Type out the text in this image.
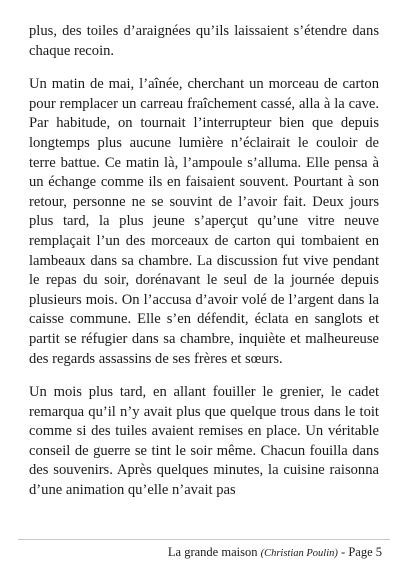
plus, des toiles d’araignées qu’ils laissaient s’étendre dans chaque recoin.

Un matin de mai, l’aînée, cherchant un morceau de carton pour remplacer un carreau fraîchement cassé, alla à la cave. Par habitude, on tournait l’interrupteur bien que depuis longtemps plus aucune lumière n’éclairait le couloir de terre battue. Ce matin là, l’ampoule s’alluma. Elle pensa à un échange comme ils en faisaient souvent. Pourtant à son retour, personne ne se souvint de l’avoir fait. Deux jours plus tard, la plus jeune s’aperçut qu’une vitre neuve remplaçait l’un des morceaux de carton qui tombaient en lambeaux dans sa chambre. La discussion fut vive pendant le repas du soir, dorénavant le seul de la journée depuis plusieurs mois. On l’accusa d’avoir volé de l’argent dans la caisse commune. Elle s’en défendit, éclata en sanglots et partit se réfugier dans sa chambre, inquiète et malheureuse des regards assassins de ses frères et sœurs.

Un mois plus tard, en allant fouiller le grenier, le cadet remarqua qu’il n’y avait plus que quelque trous dans le toit comme si des tuiles avaient remises en place. Un véritable conseil de guerre se tint le soir même. Chacun fouilla dans des souvenirs. Après quelques minutes, la cuisine raisonna d’une animation qu’elle n’avait pas

La grande maison (Christian Poulin) - Page 5
